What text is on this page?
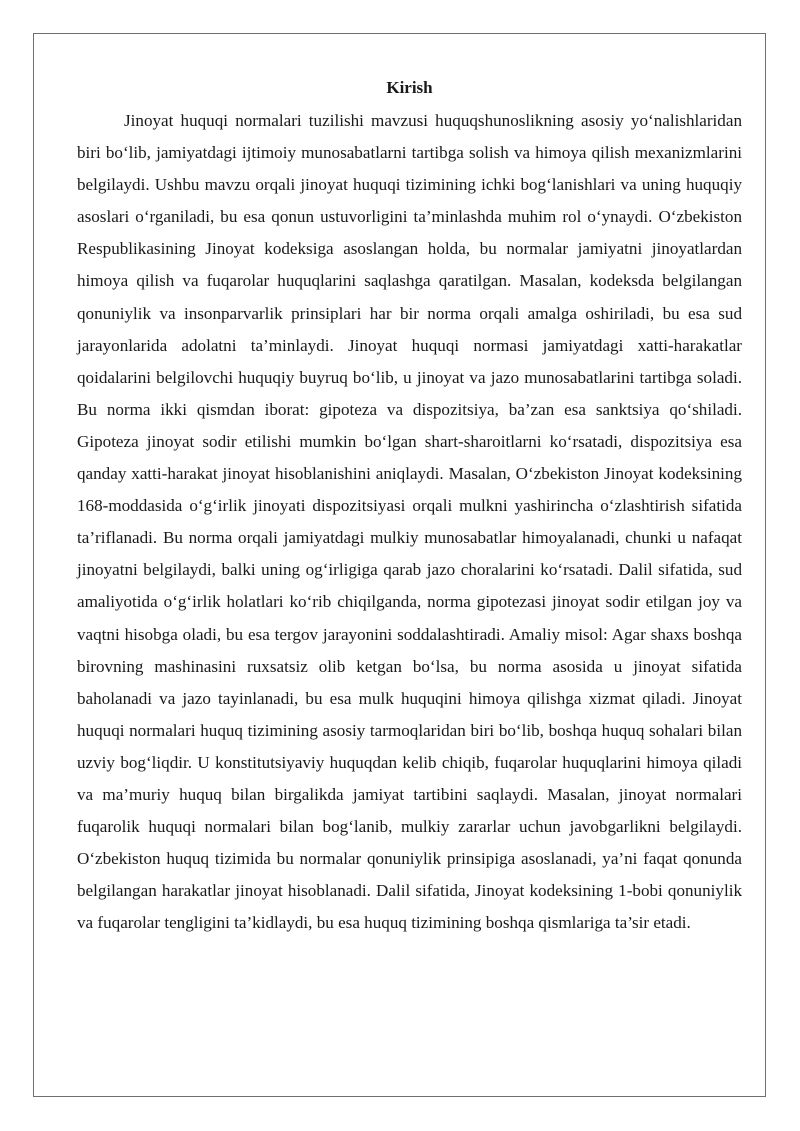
Kirish

Jinoyat huquqi normalari tuzilishi mavzusi huquqshunoslikning asosiy yo‘nalishlaridan biri bo‘lib, jamiyatdagi ijtimoiy munosabatlarni tartibga solish va himoya qilish mexanizmlarini belgilaydi. Ushbu mavzu orqali jinoyat huquqi tizimining ichki bog‘lanishlari va uning huquqiy asoslari o‘rganiladi, bu esa qonun ustuvorligini ta’minlashda muhim rol o‘ynaydi. O‘zbekiston Respublikasining Jinoyat kodeksiga asoslangan holda, bu normalar jamiyatni jinoyatlardan himoya qilish va fuqarolar huquqlarini saqlashga qaratilgan. Masalan, kodeksda belgilangan qonuniylik va insonparvarlik prinsiplari har bir norma orqali amalga oshiriladi, bu esa sud jarayonlarida adolatni ta’minlaydi. Jinoyat huquqi normasi jamiyatdagi xatti-harakatlar qoidalarini belgilovchi huquqiy buyruq bo‘lib, u jinoyat va jazo munosabatlarini tartibga soladi. Bu norma ikki qismdan iborat: gipoteza va dispozitsiya, ba’zan esa sanktsiya qo‘shiladi. Gipoteza jinoyat sodir etilishi mumkin bo‘lgan shart-sharoitlarni ko‘rsatadi, dispozitsiya esa qanday xatti-harakat jinoyat hisoblanishini aniqlaydi. Masalan, O‘zbekiston Jinoyat kodeksining 168-moddasida o‘g‘irlik jinoyati dispozitsiyasi orqali mulkni yashirincha o‘zlashtirish sifatida ta’riflanadi. Bu norma orqali jamiyatdagi mulkiy munosabatlar himoyalanadi, chunki u nafaqat jinoyatni belgilaydi, balki uning og‘irligiga qarab jazo choralarini ko‘rsatadi. Dalil sifatida, sud amaliyotida o‘g‘irlik holatlari ko‘rib chiqilganda, norma gipotezasi jinoyat sodir etilgan joy va vaqtni hisobga oladi, bu esa tergov jarayonini soddalashtiradi. Amaliy misol: Agar shaxs boshqa birovning mashinasini ruxsatsiz olib ketgan bo‘lsa, bu norma asosida u jinoyat sifatida baholanadi va jazo tayinlanadi, bu esa mulk huquqini himoya qilishga xizmat qiladi. Jinoyat huquqi normalari huquq tizimining asosiy tarmoqlaridan biri bo‘lib, boshqa huquq sohalari bilan uzviy bog‘liqdir. U konstitutsiyaviy huquqdan kelib chiqib, fuqarolar huquqlarini himoya qiladi va ma’muriy huquq bilan birgalikda jamiyat tartibini saqlaydi. Masalan, jinoyat normalari fuqarolik huquqi normalari bilan bog‘lanib, mulkiy zararlar uchun javobgarlikni belgilaydi. O‘zbekiston huquq tizimida bu normalar qonuniylik prinsipiga asoslanadi, ya’ni faqat qonunda belgilangan harakatlar jinoyat hisoblanadi. Dalil sifatida, Jinoyat kodeksining 1-bobi qonuniylik va fuqarolar tengligini ta’kidlaydi, bu esa huquq tizimining boshqa qismlariga ta’sir etadi.
